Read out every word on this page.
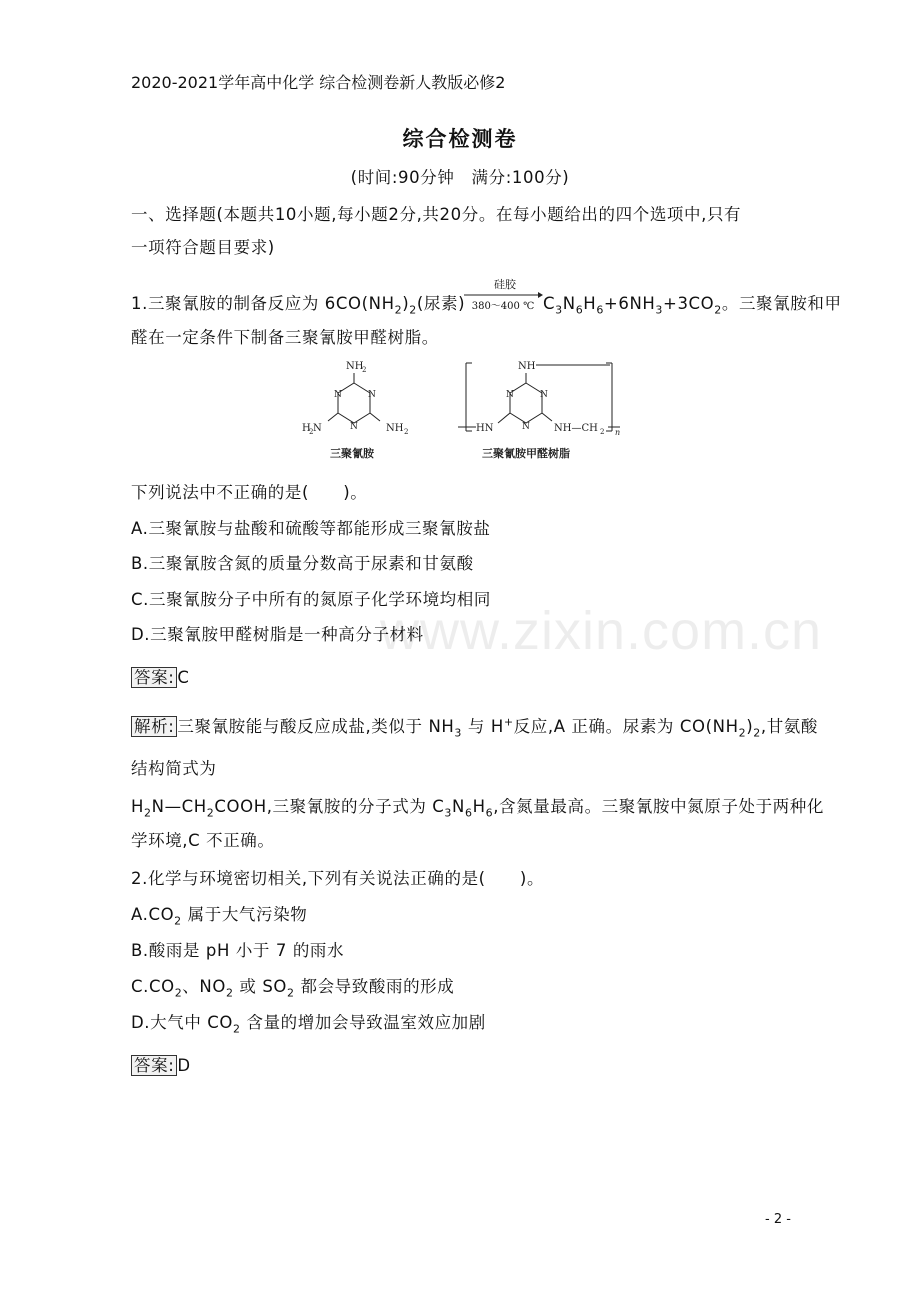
2020-2021学年高中化学 综合检测卷新人教版必修2
综合检测卷
(时间:90分钟　满分:100分)
一、选择题(本题共10小题,每小题2分,共20分。在每小题给出的四个选项中,只有
一项符合题目要求)
1.三聚氰胺的制备反应为 $6CO(NH_2)_2$(尿素)
硅胶
380～400 ℃ $C_3N_6H_6+6NH_3+3CO_2$。三聚氰胺和甲
醛在一定条件下制备三聚氰胺甲醛树脂。
NH
2
H
2 N	NH 2
N	N
N
三聚氰胺
NH
HN	NH—CH 2 n
N	N
N
三聚氰胺甲醛树脂
下列说法中不正确的是(　　)。
A.三聚氰胺与盐酸和硫酸等都能形成三聚氰胺盐
B.三聚氰胺含氮的质量分数高于尿素和甘氨酸
C.三聚氰胺分子中所有的氮原子化学环境均相同
D.三聚氰胺甲醛树脂是一种高分子材料
答案: C
解析: 三聚氰胺能与酸反应成盐,类似于 $NH_3$ 与 H+反应,A 正确。尿素为 $CO(NH_2)_2$,甘氨酸
结构简式为
$H_2N—CH_2COOH$,三聚氰胺的分子式为 $C_3N_6H_6$,含氮量最高。三聚氰胺中氮原子处于两种化
学环境,C 不正确。
2.化学与环境密切相关,下列有关说法正确的是(　　)。
$A.CO_2$ 属于大气污染物
B.酸雨是 pH 小于 7 的雨水
$C.CO_2$、$NO_2$ 或 $SO_2$ 都会导致酸雨的形成
D.大气中 $CO_2$ 含量的增加会导致温室效应加剧
答案: D
www.zixin.com.cn
- 2 -
